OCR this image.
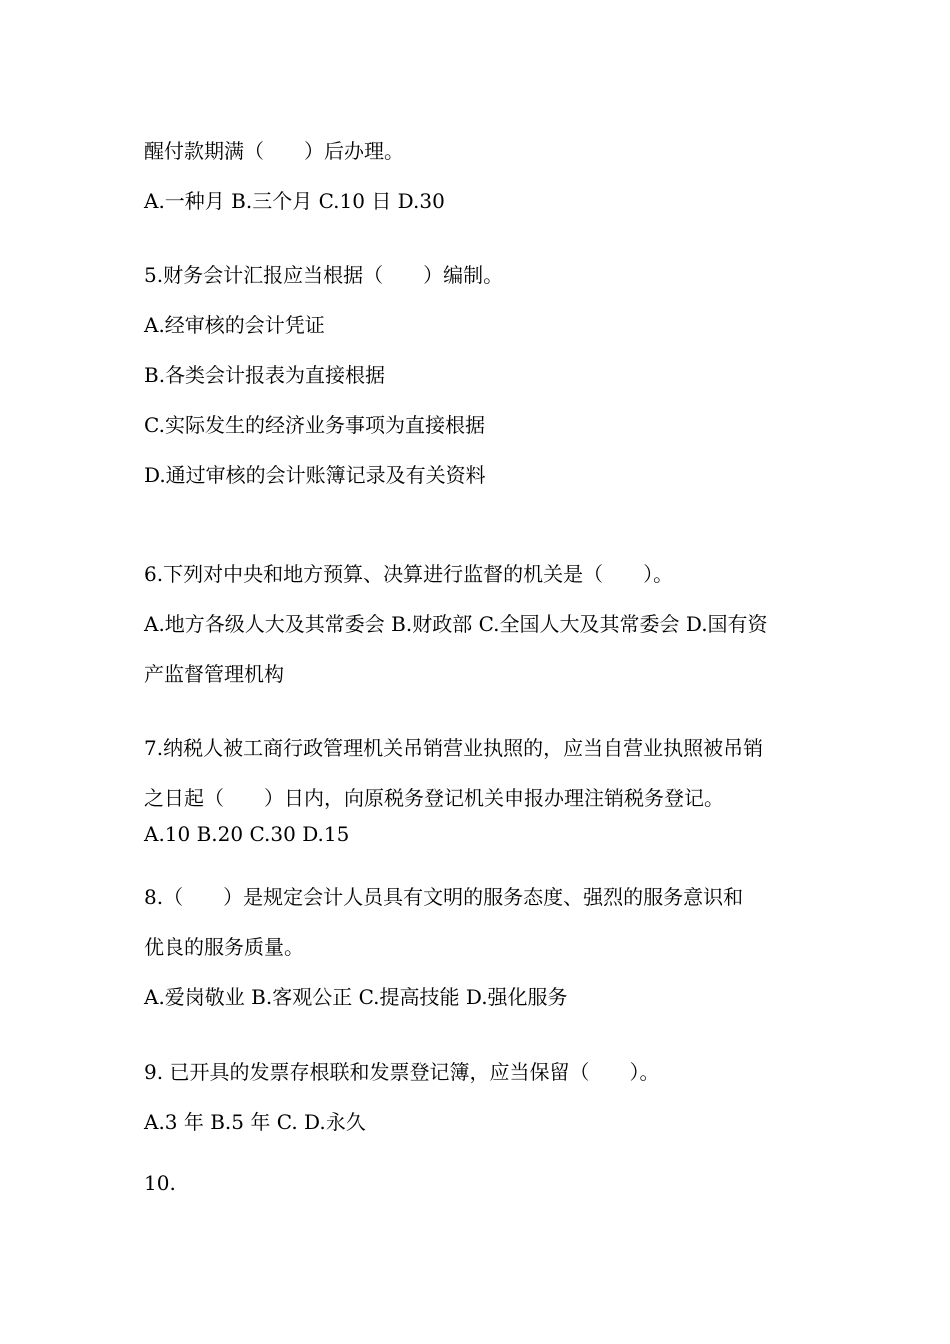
醒付款期满（　　）后办理。
A.一种月 B.三个月 C.10 日 D.30
5.财务会计汇报应当根据（　　）编制。
A.经审核的会计凭证
B.各类会计报表为直接根据
C.实际发生的经济业务事项为直接根据
D.通过审核的会计账簿记录及有关资料
6.下列对中央和地方预算、决算进行监督的机关是（　　）。
A.地方各级人大及其常委会 B.财政部 C.全国人大及其常委会 D.国有资
产监督管理机构
7.纳税人被工商行政管理机关吊销营业执照的，应当自营业执照被吊销
之日起（　　）日内，向原税务登记机关申报办理注销税务登记。
A.10 B.20 C.30 D.15
8.（　　）是规定会计人员具有文明的服务态度、强烈的服务意识和
优良的服务质量。
A.爱岗敬业 B.客观公正 C.提高技能 D.强化服务
9. 已开具的发票存根联和发票登记簿，应当保留（　　）。
A.3 年 B.5 年 C. D.永久
10.
